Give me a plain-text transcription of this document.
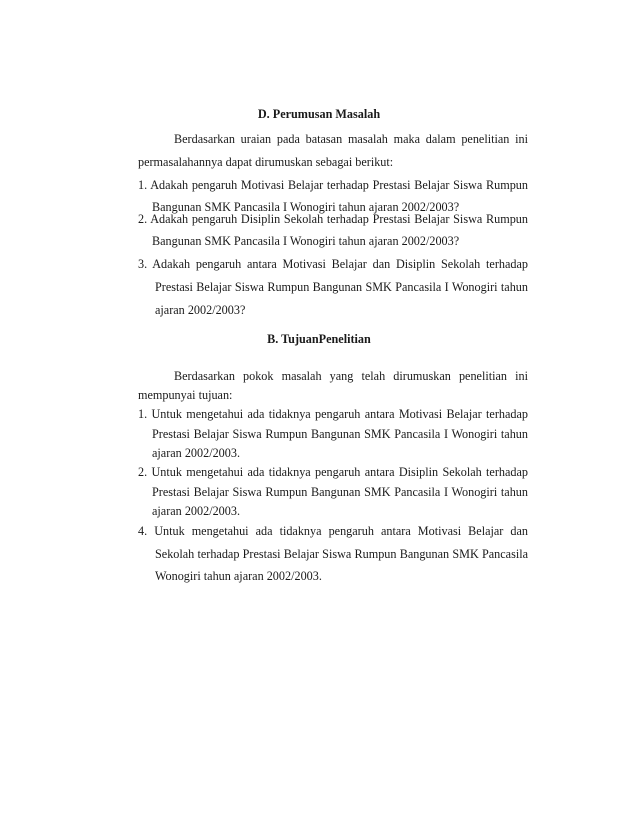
D. Perumusan Masalah
Berdasarkan uraian pada batasan masalah maka dalam penelitian ini
permasalahannya dapat dirumuskan sebagai berikut:
1. Adakah pengaruh Motivasi Belajar terhadap Prestasi Belajar Siswa Rumpun
Bangunan SMK Pancasila I Wonogiri tahun ajaran 2002/2003?
2. Adakah pengaruh Disiplin Sekolah terhadap Prestasi Belajar Siswa Rumpun
Bangunan SMK Pancasila I Wonogiri tahun ajaran 2002/2003?
3. Adakah pengaruh antara Motivasi Belajar dan Disiplin Sekolah terhadap
Prestasi Belajar Siswa Rumpun Bangunan SMK Pancasila I Wonogiri tahun
ajaran 2002/2003?
B. TujuanPenelitian
Berdasarkan pokok masalah yang telah dirumuskan penelitian ini
mempunyai tujuan:
1. Untuk mengetahui ada tidaknya pengaruh antara Motivasi Belajar terhadap
Prestasi Belajar Siswa Rumpun Bangunan SMK Pancasila I Wonogiri tahun
ajaran 2002/2003.
2. Untuk mengetahui ada tidaknya pengaruh antara Disiplin Sekolah terhadap
Prestasi Belajar Siswa Rumpun Bangunan SMK Pancasila I Wonogiri tahun
ajaran 2002/2003.
4. Untuk mengetahui ada tidaknya pengaruh antara Motivasi Belajar dan
Sekolah terhadap Prestasi Belajar Siswa Rumpun Bangunan SMK Pancasila
Wonogiri tahun ajaran 2002/2003.
